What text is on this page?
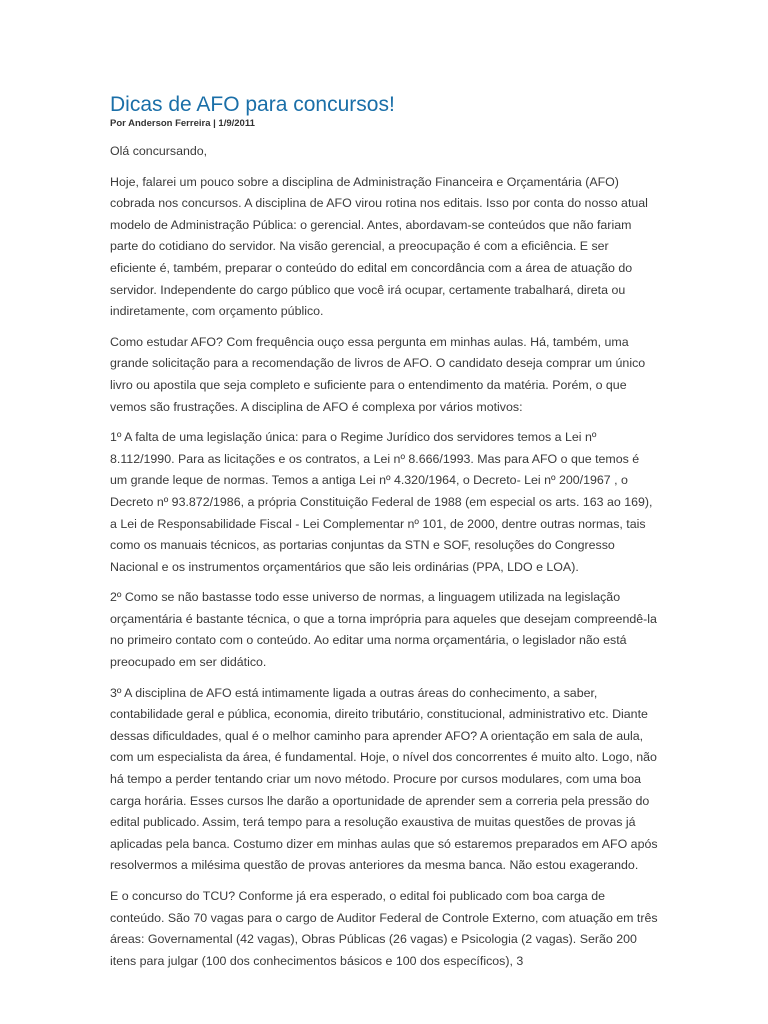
Dicas de AFO para concursos!
Por Anderson Ferreira | 1/9/2011

Olá concursando,

Hoje, falarei um pouco sobre a disciplina de Administração Financeira e Orçamentária (AFO) cobrada nos concursos. A disciplina de AFO virou rotina nos editais. Isso por conta do nosso atual modelo de Administração Pública: o gerencial. Antes, abordavam-se conteúdos que não fariam parte do cotidiano do servidor. Na visão gerencial, a preocupação é com a eficiência. E ser eficiente é, também, preparar o conteúdo do edital em concordância com a área de atuação do servidor. Independente do cargo público que você irá ocupar, certamente trabalhará, direta ou indiretamente, com orçamento público.

Como estudar AFO? Com frequência ouço essa pergunta em minhas aulas. Há, também, uma grande solicitação para a recomendação de livros de AFO. O candidato deseja comprar um único livro ou apostila que seja completo e suficiente para o entendimento da matéria. Porém, o que vemos são frustrações. A disciplina de AFO é complexa por vários motivos:

1º A falta de uma legislação única: para o Regime Jurídico dos servidores temos a Lei nº 8.112/1990. Para as licitações e os contratos, a Lei nº 8.666/1993. Mas para AFO o que temos é um grande leque de normas. Temos a antiga Lei nº 4.320/1964, o Decreto- Lei nº 200/1967 , o Decreto nº 93.872/1986, a própria Constituição Federal de 1988 (em especial os arts. 163 ao 169), a Lei de Responsabilidade Fiscal - Lei Complementar nº 101, de 2000, dentre outras normas, tais como os manuais técnicos, as portarias conjuntas da STN e SOF, resoluções do Congresso Nacional e os instrumentos orçamentários que são leis ordinárias (PPA, LDO e LOA).

2º Como se não bastasse todo esse universo de normas, a linguagem utilizada na legislação orçamentária é bastante técnica, o que a torna imprópria para aqueles que desejam compreendê-la no primeiro contato com o conteúdo. Ao editar uma norma orçamentária, o legislador não está preocupado em ser didático.

3º A disciplina de AFO está intimamente ligada a outras áreas do conhecimento, a saber, contabilidade geral e pública, economia, direito tributário, constitucional, administrativo etc. Diante dessas dificuldades, qual é o melhor caminho para aprender AFO? A orientação em sala de aula, com um especialista da área, é fundamental. Hoje, o nível dos concorrentes é muito alto. Logo, não há tempo a perder tentando criar um novo método. Procure por cursos modulares, com uma boa carga horária. Esses cursos lhe darão a oportunidade de aprender sem a correria pela pressão do edital publicado. Assim, terá tempo para a resolução exaustiva de muitas questões de provas já aplicadas pela banca. Costumo dizer em minhas aulas que só estaremos preparados em AFO após resolvermos a milésima questão de provas anteriores da mesma banca. Não estou exagerando.

E o concurso do TCU? Conforme já era esperado, o edital foi publicado com boa carga de conteúdo. São 70 vagas para o cargo de Auditor Federal de Controle Externo, com atuação em três áreas: Governamental (42 vagas), Obras Públicas (26 vagas) e Psicologia (2 vagas). Serão 200 itens para julgar (100 dos conhecimentos básicos e 100 dos específicos), 3
